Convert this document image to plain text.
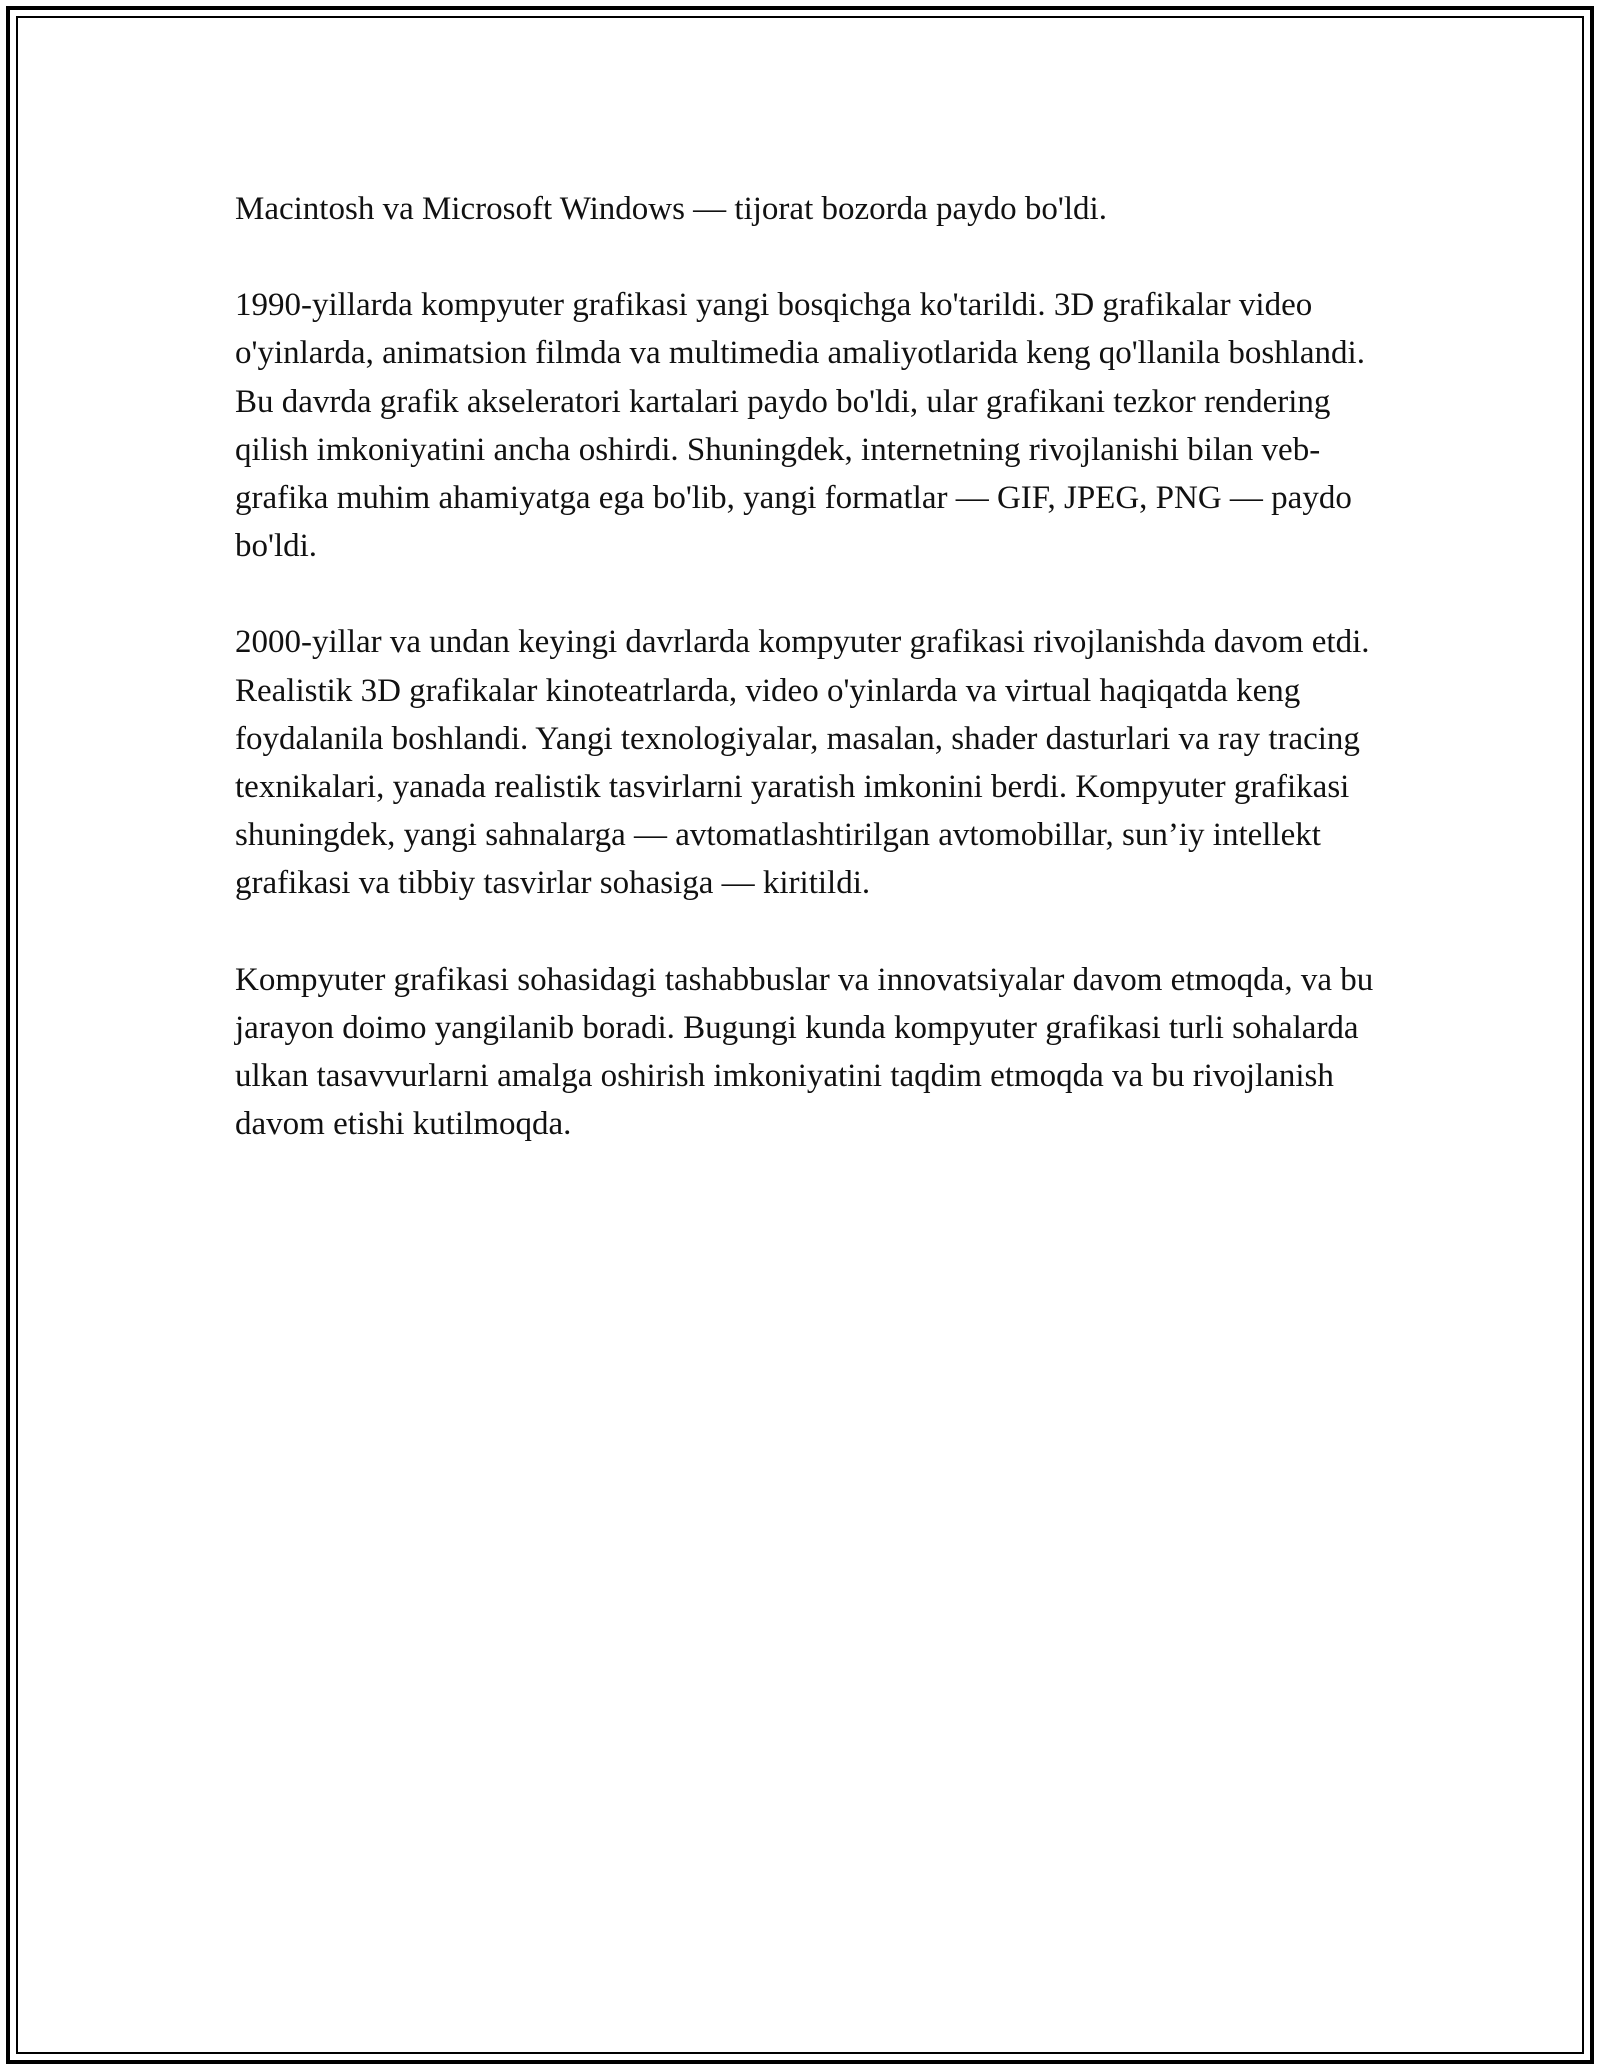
Macintosh va Microsoft Windows — tijorat bozorda paydo bo'ldi.

1990-yillarda kompyuter grafikasi yangi bosqichga ko'tarildi. 3D grafikalar video o'yinlarda, animatsion filmda va multimedia amaliyotlarida keng qo'llanila boshlandi. Bu davrda grafik akseleratori kartalari paydo bo'ldi, ular grafikani tezkor rendering qilish imkoniyatini ancha oshirdi. Shuningdek, internetning rivojlanishi bilan veb-grafika muhim ahamiyatga ega bo'lib, yangi formatlar — GIF, JPEG, PNG — paydo bo'ldi.

2000-yillar va undan keyingi davrlarda kompyuter grafikasi rivojlanishda davom etdi. Realistik 3D grafikalar kinoteatrlarda, video o'yinlarda va virtual haqiqatda keng foydalanila boshlandi. Yangi texnologiyalar, masalan, shader dasturlari va ray tracing texnikalari, yanada realistik tasvirlarni yaratish imkonini berdi. Kompyuter grafikasi shuningdek, yangi sahnalarga — avtomatlashtirilgan avtomobillar, sun’iy intellekt grafikasi va tibbiy tasvirlar sohasiga — kiritildi.

Kompyuter grafikasi sohasidagi tashabbuslar va innovatsiyalar davom etmoqda, va bu jarayon doimo yangilanib boradi. Bugungi kunda kompyuter grafikasi turli sohalarda ulkan tasavvurlarni amalga oshirish imkoniyatini taqdim etmoqda va bu rivojlanish davom etishi kutilmoqda.
